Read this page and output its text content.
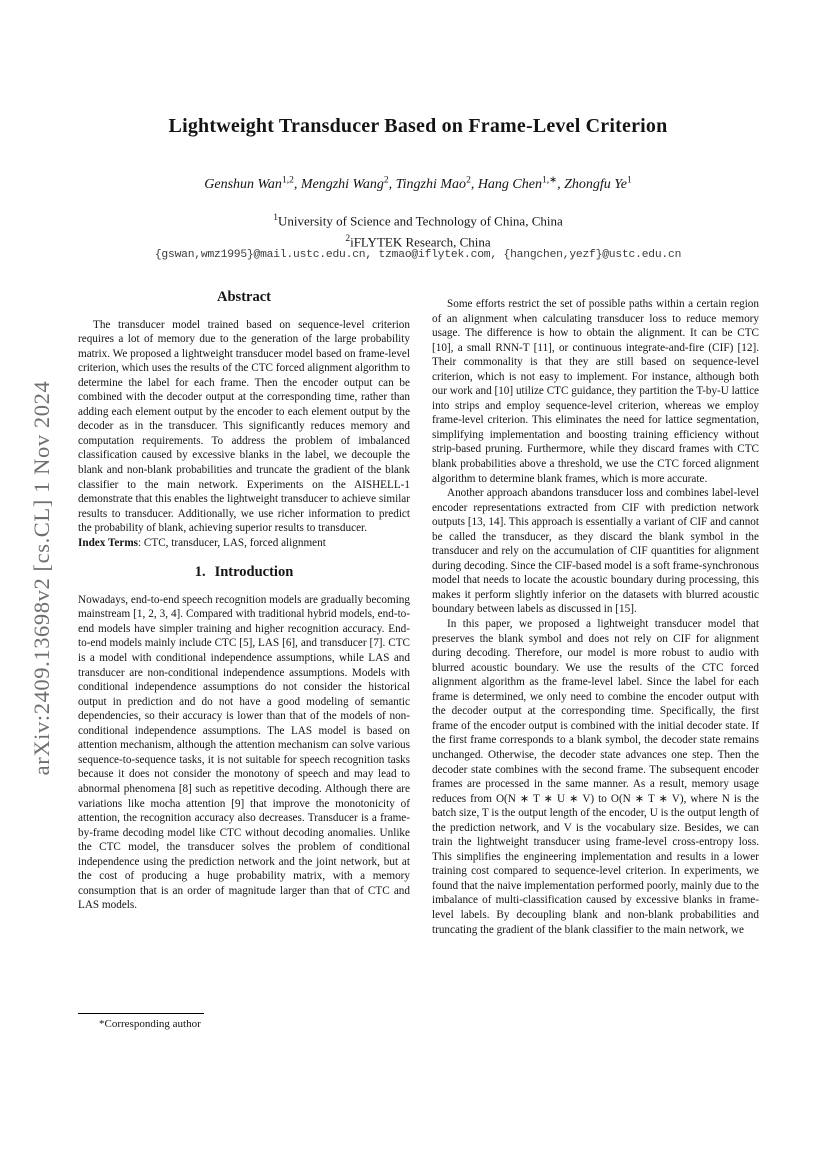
arXiv:2409.13698v2 [cs.CL] 1 Nov 2024
Lightweight Transducer Based on Frame-Level Criterion
Genshun Wan$^{1,2}$, Mengzhi Wang$^2$, Tingzhi Mao$^2$, Hang Chen$^{1,∗}$, Zhongfu Ye$^1$
$^1$University of Science and Technology of China, China
$^2$iFLYTEK Research, China
{gswan,wmz1995}@mail.ustc.edu.cn, tzmao@iflytek.com, {hangchen,yezf}@ustc.edu.cn
Abstract

The transducer model trained based on sequence-level criterion requires a lot of memory due to the generation of the large probability matrix. We proposed a lightweight transducer model based on frame-level criterion, which uses the results of the CTC forced alignment algorithm to determine the label for each frame. Then the encoder output can be combined with the decoder output at the corresponding time, rather than adding each element output by the encoder to each element output by the decoder as in the transducer. This significantly reduces memory and computation requirements. To address the problem of imbalanced classification caused by excessive blanks in the label, we decouple the blank and non-blank probabilities and truncate the gradient of the blank classifier to the main network. Experiments on the AISHELL-1 demonstrate that this enables the lightweight transducer to achieve similar results to transducer. Additionally, we use richer information to predict the probability of blank, achieving superior results to transducer.

Index Terms: CTC, transducer, LAS, forced alignment

1. Introduction

Nowadays, end-to-end speech recognition models are gradually becoming mainstream [1, 2, 3, 4]. Compared with traditional hybrid models, end-to-end models have simpler training and higher recognition accuracy. End-to-end models mainly include CTC [5], LAS [6], and transducer [7]. CTC is a model with conditional independence assumptions, while LAS and transducer are non-conditional independence assumptions. Models with conditional independence assumptions do not consider the historical output in prediction and do not have a good modeling of semantic dependencies, so their accuracy is lower than that of the models of non-conditional independence assumptions. The LAS model is based on attention mechanism, although the attention mechanism can solve various sequence-to-sequence tasks, it is not suitable for speech recognition tasks because it does not consider the monotony of speech and may lead to abnormal phenomena [8] such as repetitive decoding. Although there are variations like mocha attention [9] that improve the monotonicity of attention, the recognition accuracy also decreases. Transducer is a frame-by-frame decoding model like CTC without decoding anomalies. Unlike the CTC model, the transducer solves the problem of conditional independence using the prediction network and the joint network, but at the cost of producing a huge probability matrix, with a memory consumption that is an order of magnitude larger than that of CTC and LAS models.

Some efforts restrict the set of possible paths within a certain region of an alignment when calculating transducer loss to reduce memory usage. The difference is how to obtain the alignment. It can be CTC [10], a small RNN-T [11], or continuous integrate-and-fire (CIF) [12]. Their commonality is that they are still based on sequence-level criterion, which is not easy to implement. For instance, although both our work and [10] utilize CTC guidance, they partition the T-by-U lattice into strips and employ sequence-level criterion, whereas we employ frame-level criterion. This eliminates the need for lattice segmentation, simplifying implementation and boosting training efficiency without strip-based pruning. Furthermore, while they discard frames with CTC blank probabilities above a threshold, we use the CTC forced alignment algorithm to determine blank frames, which is more accurate.

Another approach abandons transducer loss and combines label-level encoder representations extracted from CIF with prediction network outputs [13, 14]. This approach is essentially a variant of CIF and cannot be called the transducer, as they discard the blank symbol in the transducer and rely on the accumulation of CIF quantities for alignment during decoding. Since the CIF-based model is a soft frame-synchronous model that needs to locate the acoustic boundary during processing, this makes it perform slightly inferior on the datasets with blurred acoustic boundary between labels as discussed in [15].

In this paper, we proposed a lightweight transducer model that preserves the blank symbol and does not rely on CIF for alignment during decoding. Therefore, our model is more robust to audio with blurred acoustic boundary. We use the results of the CTC forced alignment algorithm as the frame-level label. Since the label for each frame is determined, we only need to combine the encoder output with the decoder output at the corresponding time. Specifically, the first frame of the encoder output is combined with the initial decoder state. If the first frame corresponds to a blank symbol, the decoder state remains unchanged. Otherwise, the decoder state advances one step. Then the decoder state combines with the second frame. The subsequent encoder frames are processed in the same manner. As a result, memory usage reduces from O(N ∗ T ∗ U ∗ V) to O(N ∗ T ∗ V), where N is the batch size, T is the output length of the encoder, U is the output length of the prediction network, and V is the vocabulary size. Besides, we can train the lightweight transducer using frame-level cross-entropy loss. This simplifies the engineering implementation and results in a lower training cost compared to sequence-level criterion. In experiments, we found that the naive implementation performed poorly, mainly due to the imbalance of multi-classification caused by excessive blanks in frame-level labels. By decoupling blank and non-blank probabilities and truncating the gradient of the blank classifier to the main network, we

*Corresponding author
